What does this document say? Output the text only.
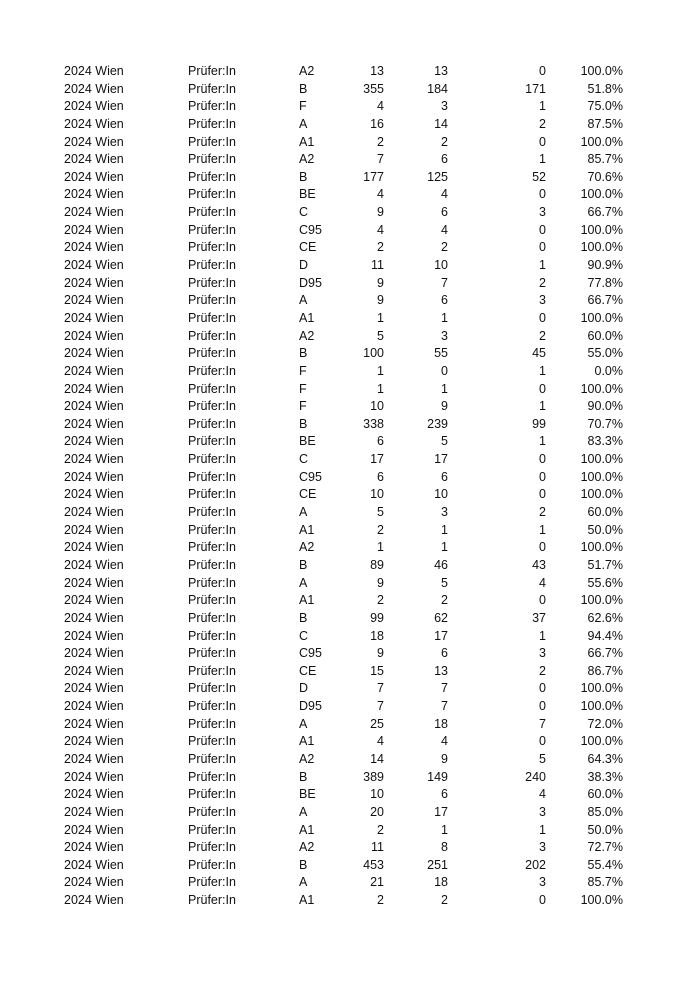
2024 Wien	Prüfer:In	A2	13	13	0	100.0%
2024 Wien	Prüfer:In	B	355	184	171	51.8%
2024 Wien	Prüfer:In	F	4	3	1	75.0%
2024 Wien	Prüfer:In	A	16	14	2	87.5%
2024 Wien	Prüfer:In	A1	2	2	0	100.0%
2024 Wien	Prüfer:In	A2	7	6	1	85.7%
2024 Wien	Prüfer:In	B	177	125	52	70.6%
2024 Wien	Prüfer:In	BE	4	4	0	100.0%
2024 Wien	Prüfer:In	C	9	6	3	66.7%
2024 Wien	Prüfer:In	C95	4	4	0	100.0%
2024 Wien	Prüfer:In	CE	2	2	0	100.0%
2024 Wien	Prüfer:In	D	11	10	1	90.9%
2024 Wien	Prüfer:In	D95	9	7	2	77.8%
2024 Wien	Prüfer:In	A	9	6	3	66.7%
2024 Wien	Prüfer:In	A1	1	1	0	100.0%
2024 Wien	Prüfer:In	A2	5	3	2	60.0%
2024 Wien	Prüfer:In	B	100	55	45	55.0%
2024 Wien	Prüfer:In	F	1	0	1	0.0%
2024 Wien	Prüfer:In	F	1	1	0	100.0%
2024 Wien	Prüfer:In	F	10	9	1	90.0%
2024 Wien	Prüfer:In	B	338	239	99	70.7%
2024 Wien	Prüfer:In	BE	6	5	1	83.3%
2024 Wien	Prüfer:In	C	17	17	0	100.0%
2024 Wien	Prüfer:In	C95	6	6	0	100.0%
2024 Wien	Prüfer:In	CE	10	10	0	100.0%
2024 Wien	Prüfer:In	A	5	3	2	60.0%
2024 Wien	Prüfer:In	A1	2	1	1	50.0%
2024 Wien	Prüfer:In	A2	1	1	0	100.0%
2024 Wien	Prüfer:In	B	89	46	43	51.7%
2024 Wien	Prüfer:In	A	9	5	4	55.6%
2024 Wien	Prüfer:In	A1	2	2	0	100.0%
2024 Wien	Prüfer:In	B	99	62	37	62.6%
2024 Wien	Prüfer:In	C	18	17	1	94.4%
2024 Wien	Prüfer:In	C95	9	6	3	66.7%
2024 Wien	Prüfer:In	CE	15	13	2	86.7%
2024 Wien	Prüfer:In	D	7	7	0	100.0%
2024 Wien	Prüfer:In	D95	7	7	0	100.0%
2024 Wien	Prüfer:In	A	25	18	7	72.0%
2024 Wien	Prüfer:In	A1	4	4	0	100.0%
2024 Wien	Prüfer:In	A2	14	9	5	64.3%
2024 Wien	Prüfer:In	B	389	149	240	38.3%
2024 Wien	Prüfer:In	BE	10	6	4	60.0%
2024 Wien	Prüfer:In	A	20	17	3	85.0%
2024 Wien	Prüfer:In	A1	2	1	1	50.0%
2024 Wien	Prüfer:In	A2	11	8	3	72.7%
2024 Wien	Prüfer:In	B	453	251	202	55.4%
2024 Wien	Prüfer:In	A	21	18	3	85.7%
2024 Wien	Prüfer:In	A1	2	2	0	100.0%
